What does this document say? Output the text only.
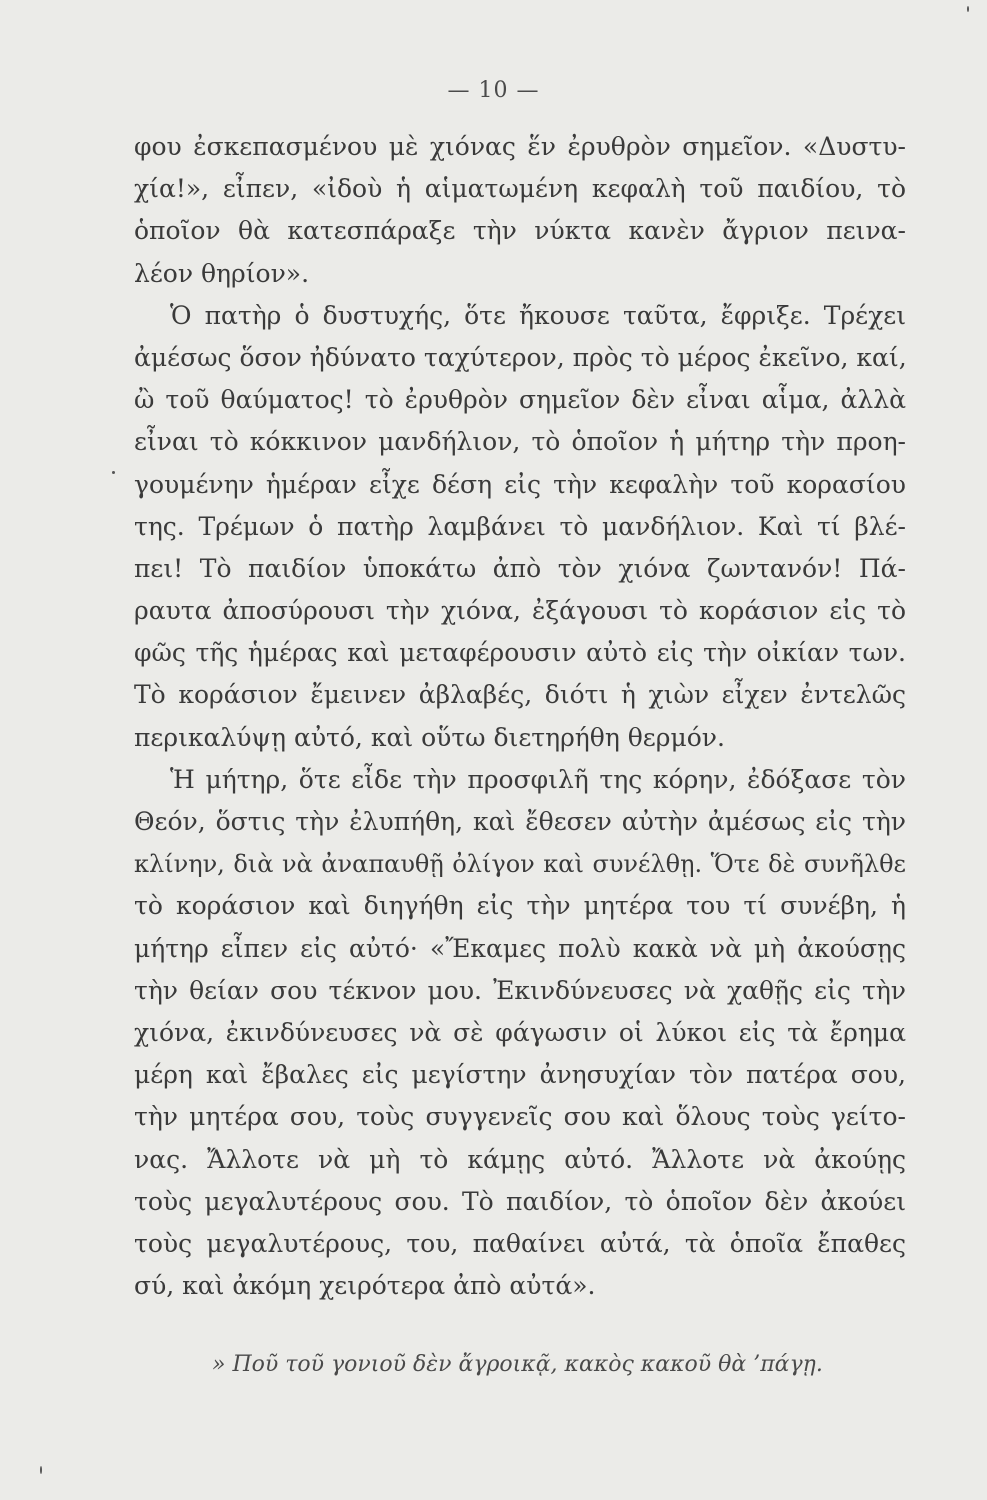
— 10 —
φου ἐσκεπασμένου μὲ χιόνας ἕν ἐρυθρὸν σημεῖον. «Δυστυ-
χία!», εἶπεν, «ἰδοὺ ἡ αἱματωμένη κεφαλὴ τοῦ παιδίου, τὸ
ὁποῖον θὰ κατεσπάραξε τὴν νύκτα κανὲν ἄγριον πεινα-
λέον θηρίον».
Ὁ πατὴρ ὁ δυστυχής, ὅτε ἤκουσε ταῦτα, ἔφριξε. Τρέχει
ἀμέσως ὅσον ἠδύνατο ταχύτερον, πρὸς τὸ μέρος ἐκεῖνο, καί,
ὢ τοῦ θαύματος! τὸ ἐρυθρὸν σημεῖον δὲν εἶναι αἷμα, ἀλλὰ
εἶναι τὸ κόκκινον μανδήλιον, τὸ ὁποῖον ἡ μήτηρ τὴν προη-
γουμένην ἡμέραν εἶχε δέση εἰς τὴν κεφαλὴν τοῦ κορασίου
της. Τρέμων ὁ πατὴρ λαμβάνει τὸ μανδήλιον. Καὶ τί βλέ-
πει! Τὸ παιδίον ὑποκάτω ἀπὸ τὸν χιόνα ζωντανόν! Πά-
ραυτα ἀποσύρουσι τὴν χιόνα, ἐξάγουσι τὸ κοράσιον εἰς τὸ
φῶς τῆς ἡμέρας καὶ μεταφέρουσιν αὐτὸ εἰς τὴν οἰκίαν των.
Τὸ κοράσιον ἔμεινεν ἀβλαβές, διότι ἡ χιὼν εἶχεν ἐντελῶς
περικαλύψῃ αὐτό, καὶ οὕτω διετηρήθη θερμόν.
Ἡ μήτηρ, ὅτε εἶδε τὴν προσφιλῆ της κόρην, ἐδόξασε τὸν
Θεόν, ὅστις τὴν ἐλυπήθη, καὶ ἔθεσεν αὐτὴν ἀμέσως εἰς τὴν
κλίνην, διὰ νὰ ἀναπαυθῇ ὀλίγον καὶ συνέλθῃ. Ὅτε δὲ συνῆλθε
τὸ κοράσιον καὶ διηγήθη εἰς τὴν μητέρα του τί συνέβη, ἡ
μήτηρ εἶπεν εἰς αὐτό· «Ἔκαμες πολὺ κακὰ νὰ μὴ ἀκούσῃς
τὴν θείαν σου τέκνον μου. Ἐκινδύνευσες νὰ χαθῇς εἰς τὴν
χιόνα, ἐκινδύνευσες νὰ σὲ φάγωσιν οἱ λύκοι εἰς τὰ ἔρημα
μέρη καὶ ἔβαλες εἰς μεγίστην ἀνησυχίαν τὸν πατέρα σου,
τὴν μητέρα σου, τοὺς συγγενεῖς σου καὶ ὅλους τοὺς γείτο-
νας. Ἄλλοτε νὰ μὴ τὸ κάμῃς αὐτό. Ἄλλοτε νὰ ἀκούῃς
τοὺς μεγαλυτέρους σου. Τὸ παιδίον, τὸ ὁποῖον δὲν ἀκούει
τοὺς μεγαλυτέρους, του, παθαίνει αὐτά, τὰ ὁποῖα ἔπαθες
σύ, καὶ ἀκόμη χειρότερα ἀπὸ αὐτά».
» Ποῦ τοῦ γονιοῦ δὲν ἄγροικᾷ, κακὸς κακοῦ θὰ ’πάγῃ.
